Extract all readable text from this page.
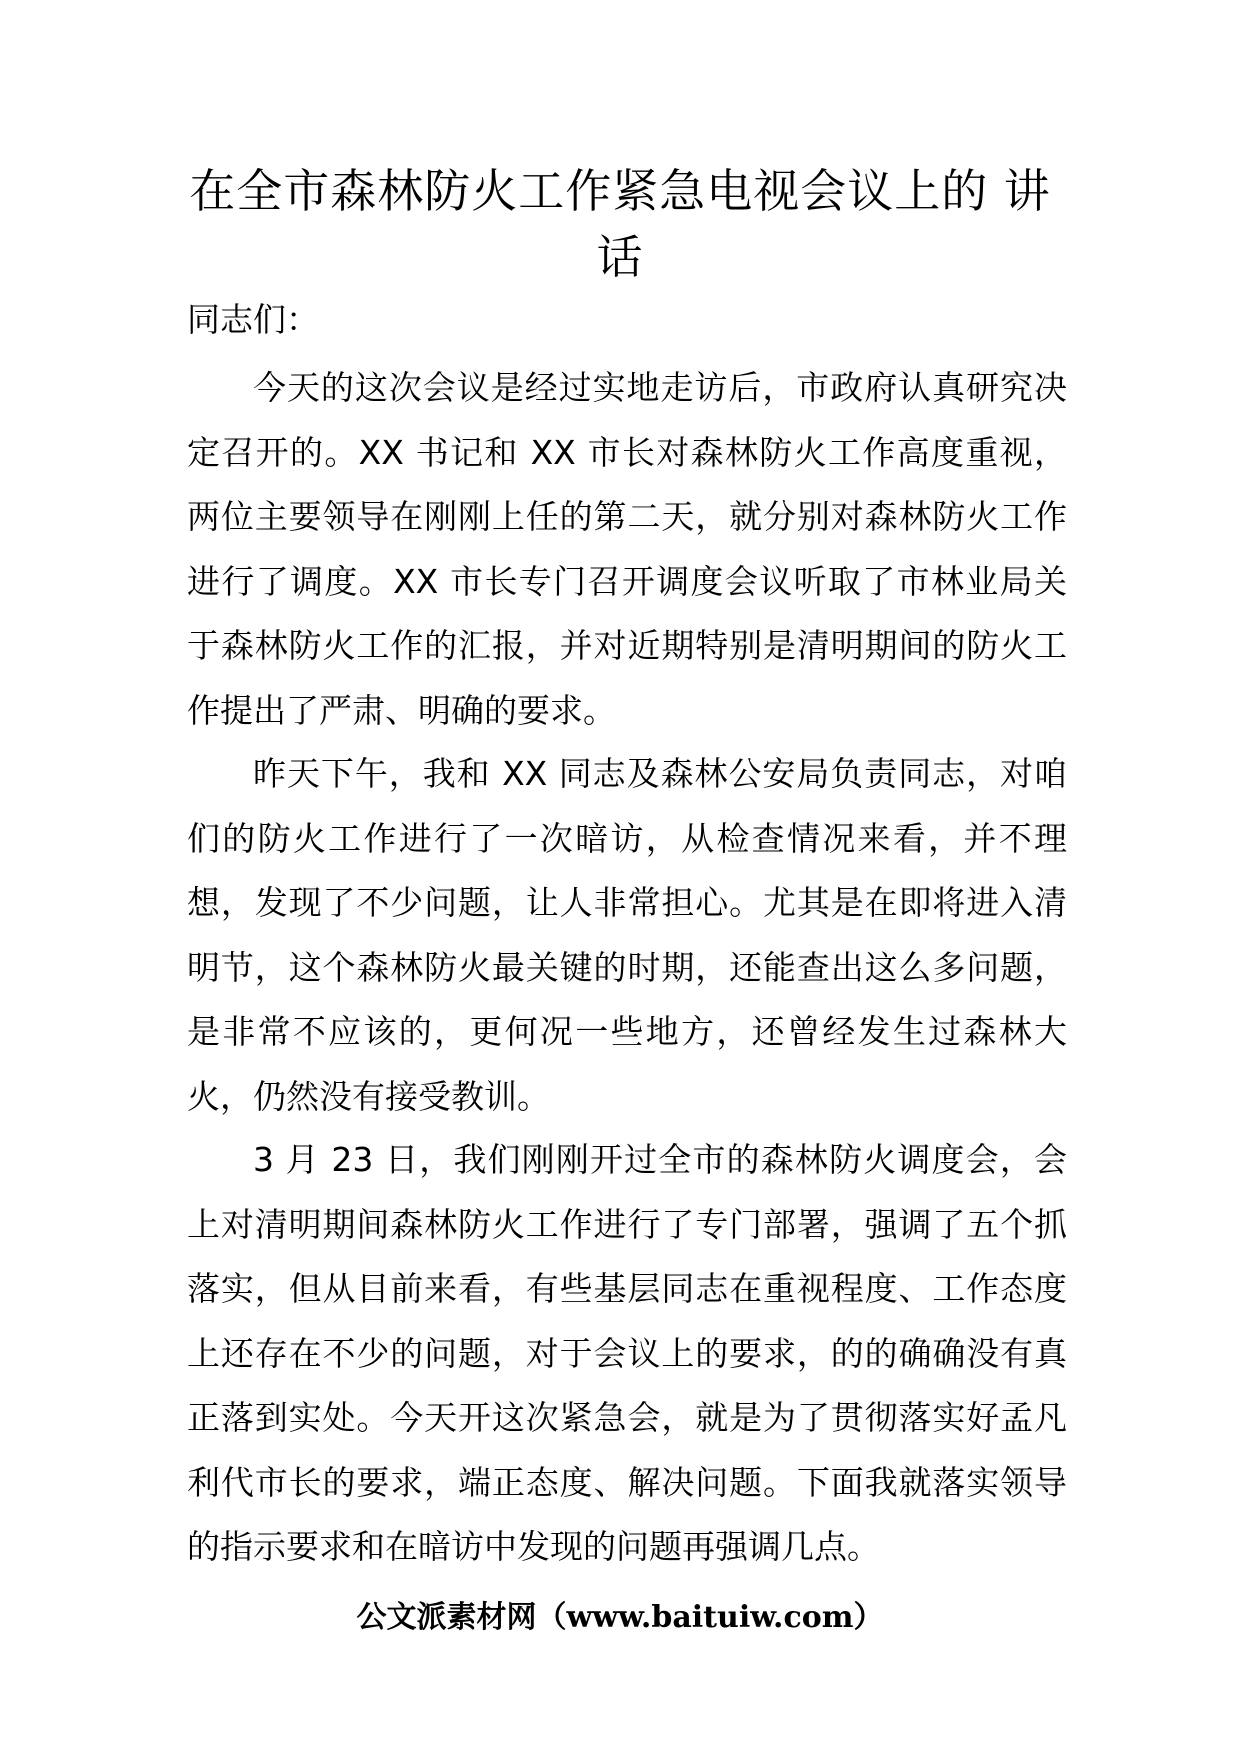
在全市森林防火工作紧急电视会议上的 讲
话
同志们：

今天的这次会议是经过实地走访后，市政府认真研究决定召开的。XX 书记和 XX 市长对森林防火工作高度重视，两位主要领导在刚刚上任的第二天，就分别对森林防火工作进行了调度。XX 市长专门召开调度会议听取了市林业局关于森林防火工作的汇报，并对近期特别是清明期间的防火工作提出了严肃、明确的要求。

昨天下午，我和 XX 同志及森林公安局负责同志，对咱们的防火工作进行了一次暗访，从检查情况来看，并不理想，发现了不少问题，让人非常担心。尤其是在即将进入清明节，这个森林防火最关键的时期，还能查出这么多问题，是非常不应该的，更何况一些地方，还曾经发生过森林大火，仍然没有接受教训。

3 月 23 日，我们刚刚开过全市的森林防火调度会，会上对清明期间森林防火工作进行了专门部署，强调了五个抓落实，但从目前来看，有些基层同志在重视程度、工作态度上还存在不少的问题，对于会议上的要求，的的确确没有真正落到实处。今天开这次紧急会，就是为了贯彻落实好孟凡利代市长的要求，端正态度、解决问题。下面我就落实领导的指示要求和在暗访中发现的问题再强调几点。

公文派素材网（www.baituiw.com）
